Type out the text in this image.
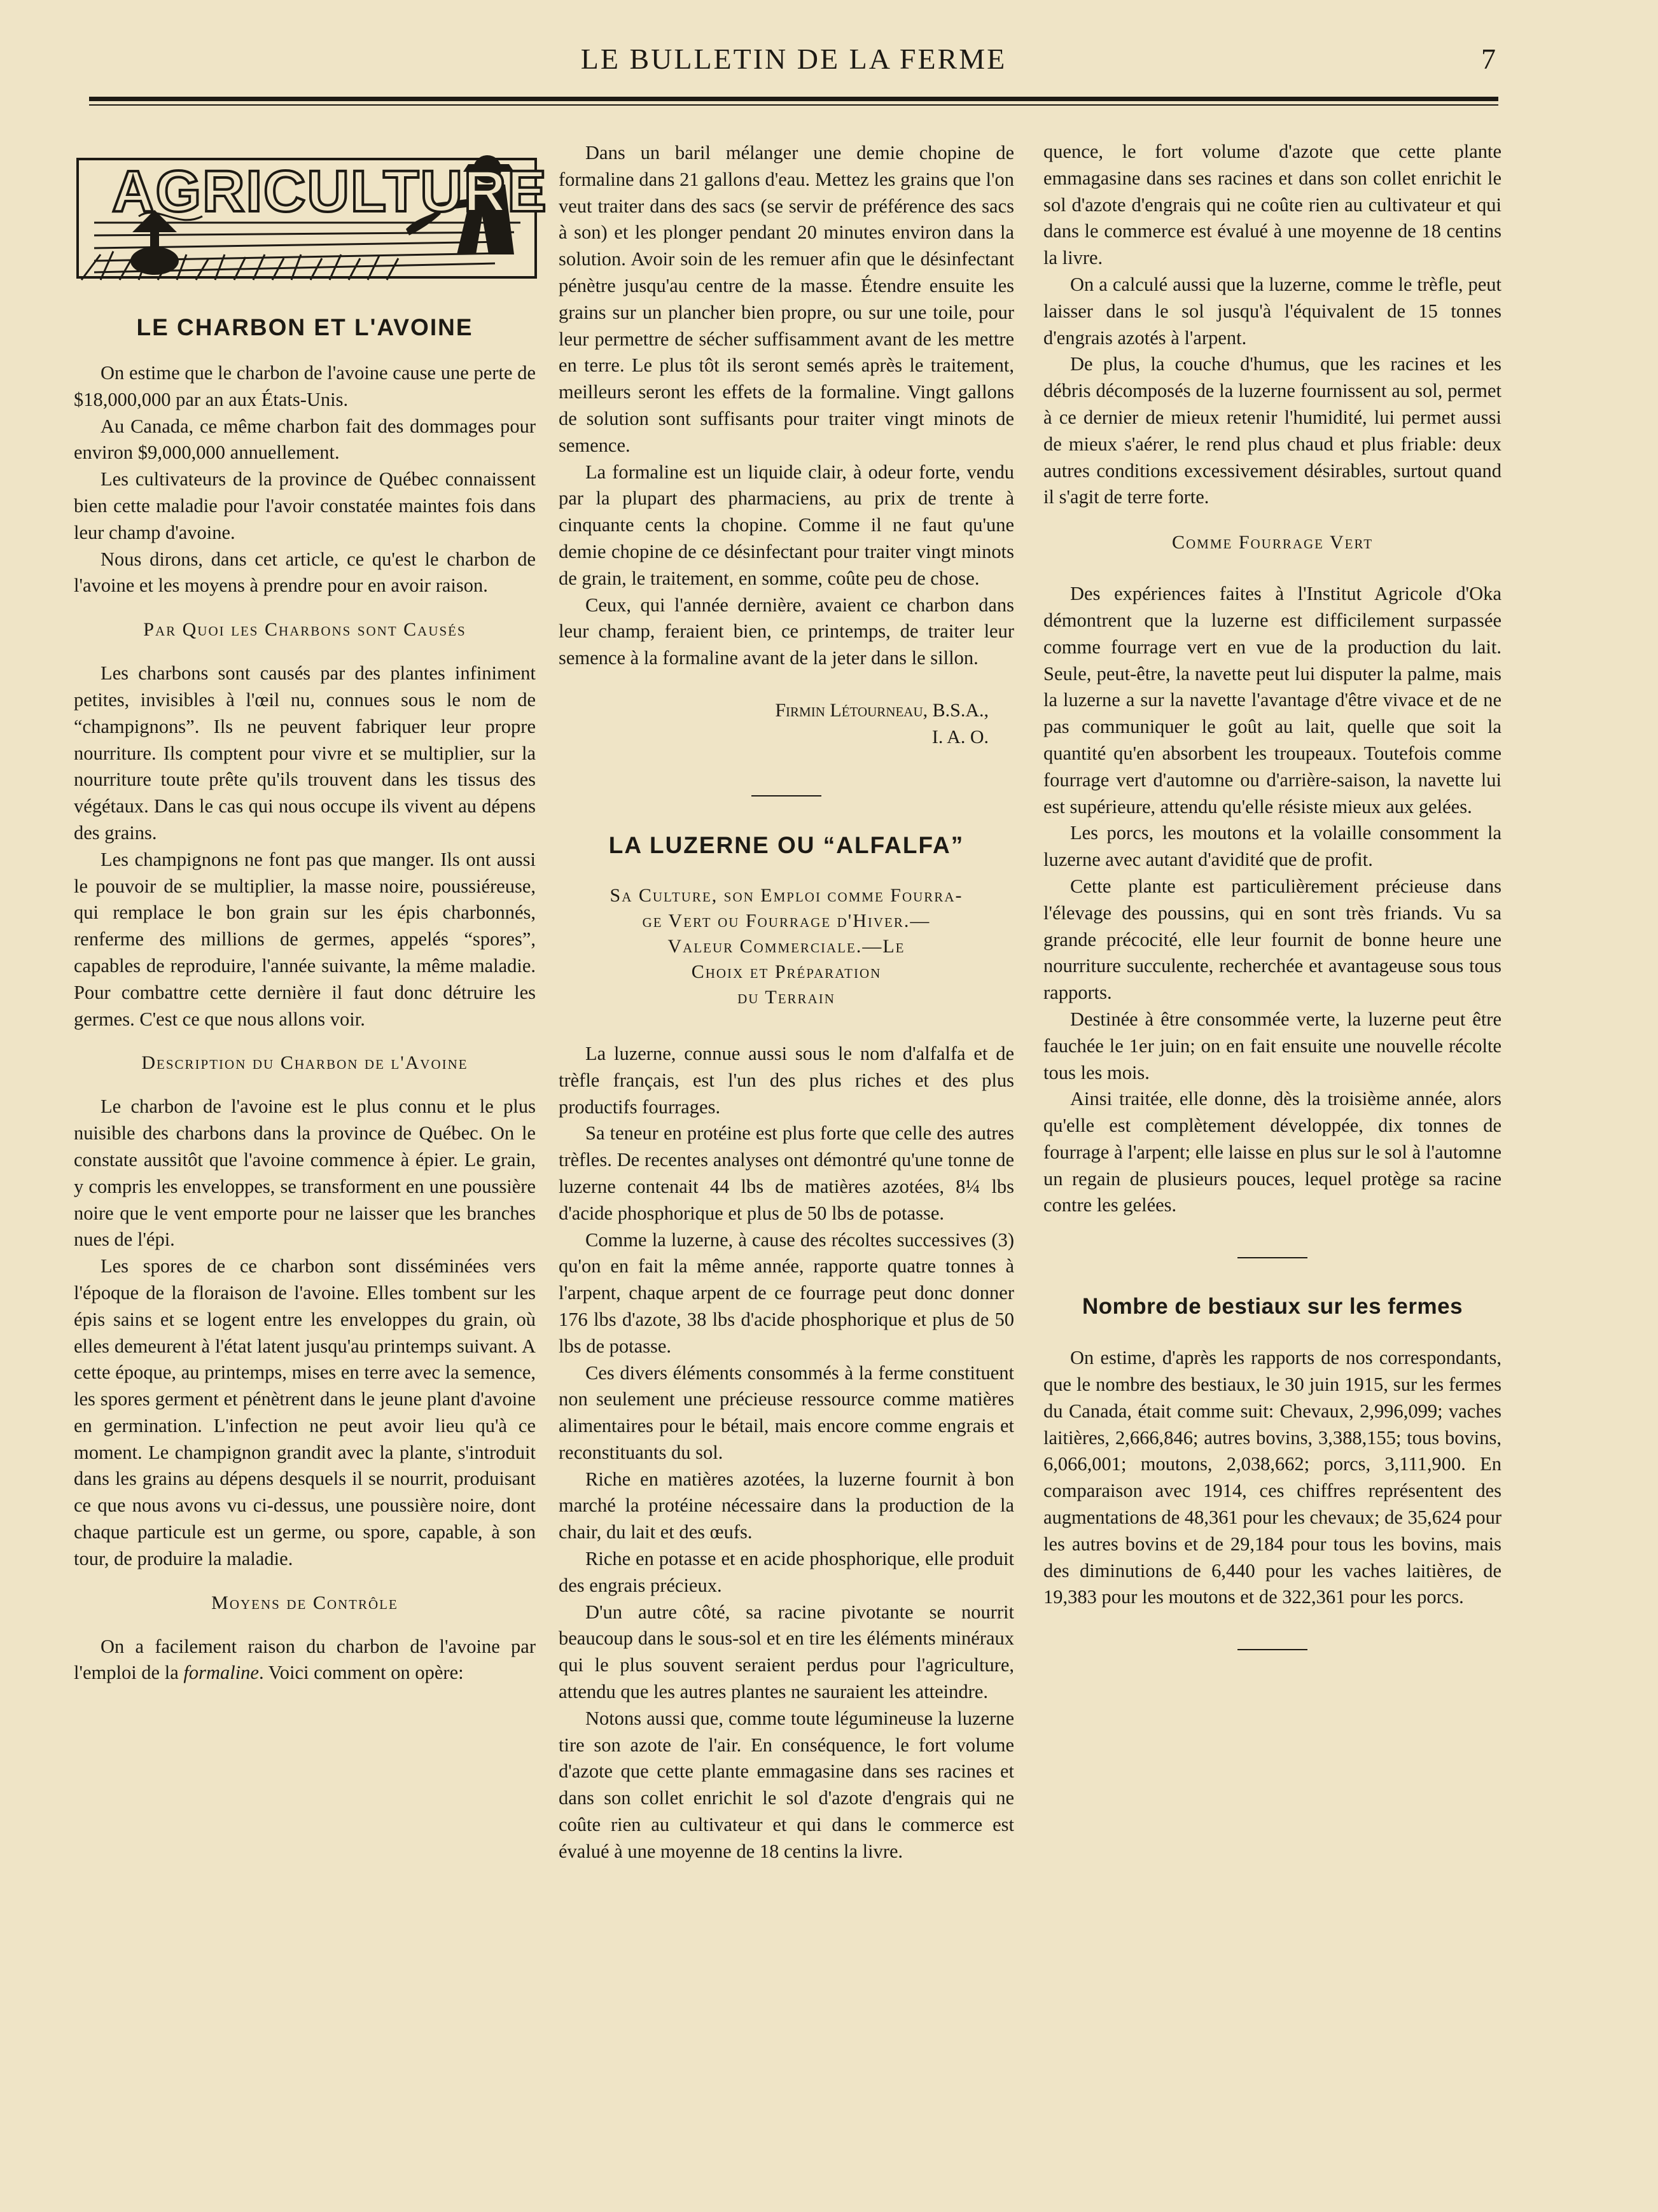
LE BULLETIN DE LA FERME	7
AGRICULTURE
LE CHARBON ET L'AVOINE

On estime que le charbon de l'avoine cause une perte de $18,000,000 par an aux États-Unis.

Au Canada, ce même charbon fait des dommages pour environ $9,000,000 annuellement.

Les cultivateurs de la province de Québec connaissent bien cette maladie pour l'avoir constatée maintes fois dans leur champ d'avoine.

Nous dirons, dans cet article, ce qu'est le charbon de l'avoine et les moyens à prendre pour en avoir raison.

Par Quoi les Charbons sont Causés

Les charbons sont causés par des plantes infiniment petites, invisibles à l'œil nu, connues sous le nom de “champignons”. Ils ne peuvent fabriquer leur propre nourriture. Ils comptent pour vivre et se multiplier, sur la nourriture toute prête qu'ils trouvent dans les tissus des végétaux. Dans le cas qui nous occupe ils vivent au dépens des grains.

Les champignons ne font pas que manger. Ils ont aussi le pouvoir de se multiplier, la masse noire, poussiéreuse, qui remplace le bon grain sur les épis charbonnés, renferme des millions de germes, appelés “spores”, capables de reproduire, l'année suivante, la même maladie. Pour combattre cette dernière il faut donc détruire les germes. C'est ce que nous allons voir.

Description du Charbon de l'Avoine

Le charbon de l'avoine est le plus connu et le plus nuisible des charbons dans la province de Québec. On le constate aussitôt que l'avoine commence à épier. Le grain, y compris les enveloppes, se transforment en une poussière noire que le vent emporte pour ne laisser que les branches nues de l'épi.

Les spores de ce charbon sont disséminées vers l'époque de la floraison de l'avoine. Elles tombent sur les épis sains et se logent entre les enveloppes du grain, où elles demeurent à l'état latent jusqu'au printemps suivant. A cette époque, au printemps, mises en terre avec la semence, les spores germent et pénètrent dans le jeune plant d'avoine en germination. L'infection ne peut avoir lieu qu'à ce moment. Le champignon grandit avec la plante, s'introduit dans les grains au dépens desquels il se nourrit, produisant ce que nous avons vu ci-dessus, une poussière noire, dont chaque particule est un germe, ou spore, capable, à son tour, de produire la maladie.

Moyens de Contrôle

On a facilement raison du charbon de l'avoine par l'emploi de la formaline. Voici comment on opère:

Dans un baril mélanger une demie chopine de formaline dans 21 gallons d'eau. Mettez les grains que l'on veut traiter dans des sacs (se servir de préférence des sacs à son) et les plonger pendant 20 minutes environ dans la solution. Avoir soin de les remuer afin que le désinfectant pénètre jusqu'au centre de la masse. Étendre ensuite les grains sur un plancher bien propre, ou sur une toile, pour leur permettre de sécher suffisamment avant de les mettre en terre. Le plus tôt ils seront semés après le traitement, meilleurs seront les effets de la formaline. Vingt gallons de solution sont suffisants pour traiter vingt minots de semence.

La formaline est un liquide clair, à odeur forte, vendu par la plupart des pharmaciens, au prix de trente à cinquante cents la chopine. Comme il ne faut qu'une demie chopine de ce désinfectant pour traiter vingt minots de grain, le traitement, en somme, coûte peu de chose.

Ceux, qui l'année dernière, avaient ce charbon dans leur champ, feraient bien, ce printemps, de traiter leur semence à la formaline avant de la jeter dans le sillon.

Firmin Létourneau, B.S.A.,
I. A. O.
LA LUZERNE OU “ALFALFA”
Sa Culture, son Emploi comme Fourra-
ge Vert ou Fourrage d'Hiver.—
Valeur Commerciale.—Le
Choix et Préparation
du Terrain

La luzerne, connue aussi sous le nom d'alfalfa et de trèfle français, est l'un des plus riches et des plus productifs fourrages.

Sa teneur en protéine est plus forte que celle des autres trèfles. De recentes analyses ont démontré qu'une tonne de luzerne contenait 44 lbs de matières azotées, 8¼ lbs d'acide phosphorique et plus de 50 lbs de potasse.

Comme la luzerne, à cause des récoltes successives (3) qu'on en fait la même année, rapporte quatre tonnes à l'arpent, chaque arpent de ce fourrage peut donc donner 176 lbs d'azote, 38 lbs d'acide phosphorique et plus de 50 lbs de potasse.

Ces divers éléments consommés à la ferme constituent non seulement une précieuse ressource comme matières alimentaires pour le bétail, mais encore comme engrais et reconstituants du sol.

Riche en matières azotées, la luzerne fournit à bon marché la protéine nécessaire dans la production de la chair, du lait et des œufs.

Riche en potasse et en acide phosphorique, elle produit des engrais précieux.

D'un autre côté, sa racine pivotante se nourrit beaucoup dans le sous-sol et en tire les éléments minéraux qui le plus souvent seraient perdus pour l'agriculture, attendu que les autres plantes ne sauraient les atteindre.

Notons aussi que, comme toute légumineuse la luzerne tire son azote de l'air. En conséquence, le fort volume d'azote que cette plante emmagasine dans ses racines et dans son collet enrichit le sol d'azote d'engrais qui ne coûte rien au cultivateur et qui dans le commerce est évalué à une moyenne de 18 centins la livre.

quence, le fort volume d'azote que cette plante emmagasine dans ses racines et dans son collet enrichit le sol d'azote d'engrais qui ne coûte rien au cultivateur et qui dans le commerce est évalué à une moyenne de 18 centins la livre.

On a calculé aussi que la luzerne, comme le trèfle, peut laisser dans le sol jusqu'à l'équivalent de 15 tonnes d'engrais azotés à l'arpent.

De plus, la couche d'humus, que les racines et les débris décomposés de la luzerne fournissent au sol, permet à ce dernier de mieux retenir l'humidité, lui permet aussi de mieux s'aérer, le rend plus chaud et plus friable: deux autres conditions excessivement désirables, surtout quand il s'agit de terre forte.

Comme Fourrage Vert

Des expériences faites à l'Institut Agricole d'Oka démontrent que la luzerne est difficilement surpassée comme fourrage vert en vue de la production du lait. Seule, peut-être, la navette peut lui disputer la palme, mais la luzerne a sur la navette l'avantage d'être vivace et de ne pas communiquer le goût au lait, quelle que soit la quantité qu'en absorbent les troupeaux. Toutefois comme fourrage vert d'automne ou d'arrière-saison, la navette lui est supérieure, attendu qu'elle résiste mieux aux gelées.

Les porcs, les moutons et la volaille consomment la luzerne avec autant d'avidité que de profit.

Cette plante est particulièrement précieuse dans l'élevage des poussins, qui en sont très friands. Vu sa grande précocité, elle leur fournit de bonne heure une nourriture succulente, recherchée et avantageuse sous tous rapports.

Destinée à être consommée verte, la luzerne peut être fauchée le 1er juin; on en fait ensuite une nouvelle récolte tous les mois.

Ainsi traitée, elle donne, dès la troisième année, alors qu'elle est complètement développée, dix tonnes de fourrage à l'arpent; elle laisse en plus sur le sol à l'automne un regain de plusieurs pouces, lequel protège sa racine contre les gelées.

Nombre de bestiaux sur les fermes

On estime, d'après les rapports de nos correspondants, que le nombre des bestiaux, le 30 juin 1915, sur les fermes du Canada, était comme suit: Chevaux, 2,996,099; vaches laitières, 2,666,846; autres bovins, 3,388,155; tous bovins, 6,066,001; moutons, 2,038,662; porcs, 3,111,900. En comparaison avec 1914, ces chiffres représentent des augmentations de 48,361 pour les chevaux; de 35,624 pour les autres bovins et de 29,184 pour tous les bovins, mais des diminutions de 6,440 pour les vaches laitières, de 19,383 pour les moutons et de 322,361 pour les porcs.
